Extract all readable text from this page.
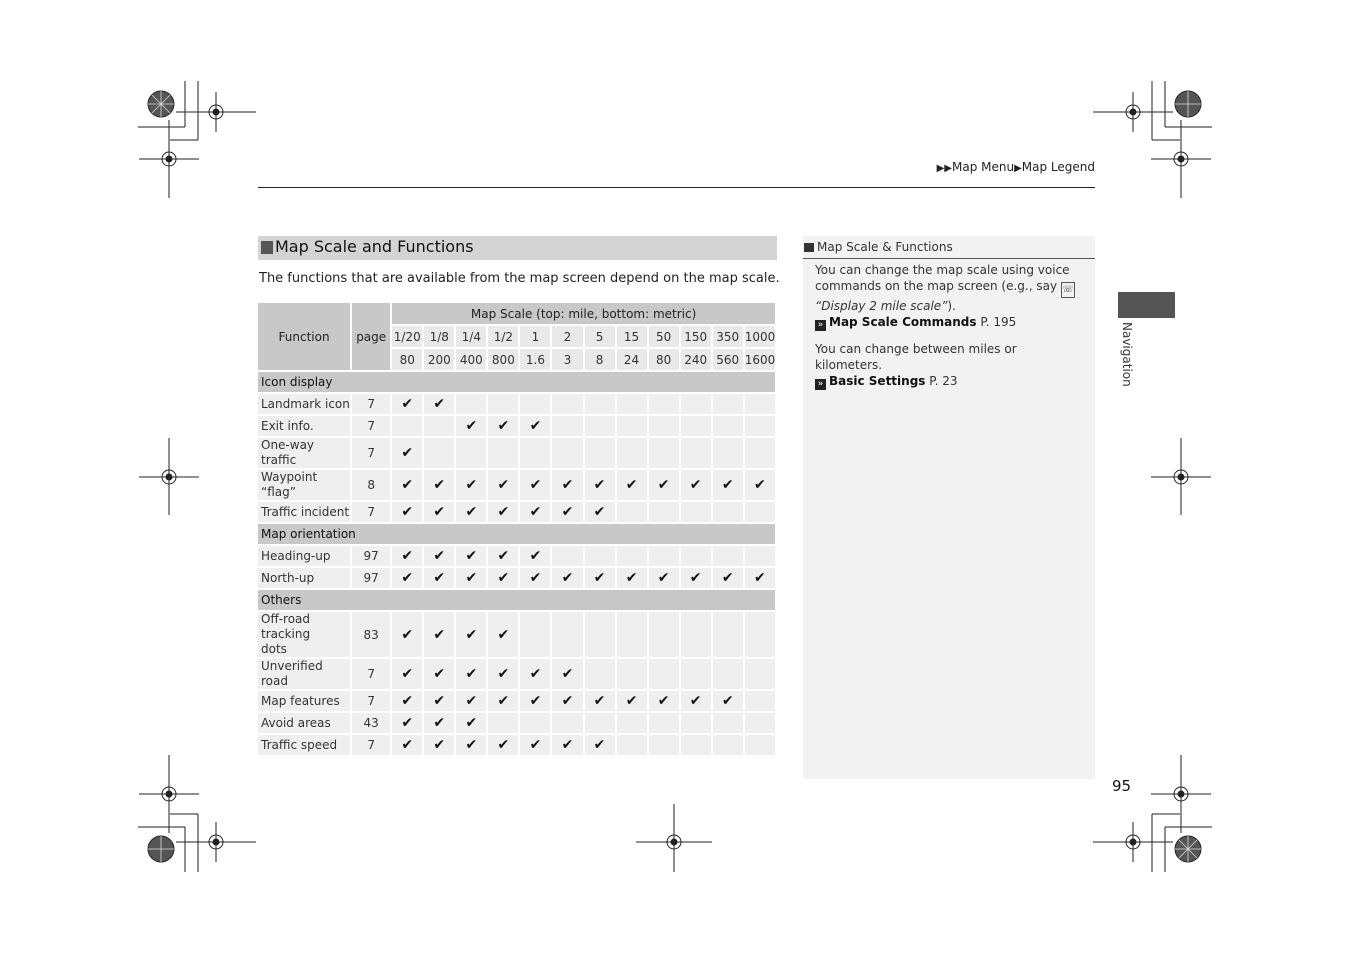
▶▶Map Menu▶Map Legend
Map Scale and Functions
The functions that are available from the map screen depend on the map scale.
Function	page	Map Scale (top: mile, bottom: metric)											
		1/20	1/8	1/4	1/2	1	2	5	15	50	150	350	1000
		80	200	400	800	1.6	3	8	24	80	240	560	1600
Icon display													
Landmark icon	7	✔	✔										
Exit info.	7			✔	✔	✔							
One-way traffic	7	✔											
Waypoint “flag”	8	✔	✔	✔	✔	✔	✔	✔	✔	✔	✔	✔	✔
Traffic incident	7	✔	✔	✔	✔	✔	✔	✔					
Map orientation													
Heading-up	97	✔	✔	✔	✔	✔							
North-up	97	✔	✔	✔	✔	✔	✔	✔	✔	✔	✔	✔	✔
Others													
Off-road tracking dots	83	✔	✔	✔	✔								
Unverified road	7	✔	✔	✔	✔	✔	✔						
Map features	7	✔	✔	✔	✔	✔	✔	✔	✔	✔	✔	✔	
Avoid areas	43	✔	✔	✔									
Traffic speed	7	✔	✔	✔	✔	✔	✔	✔					
Map Scale & Functions

You can change the map scale using voice commands on the map screen (e.g., say ☏
“Display 2 mile scale”).
» Map Scale Commands P. 195

You can change between miles or kilometers.
» Basic Settings P. 23	Navigation
95
